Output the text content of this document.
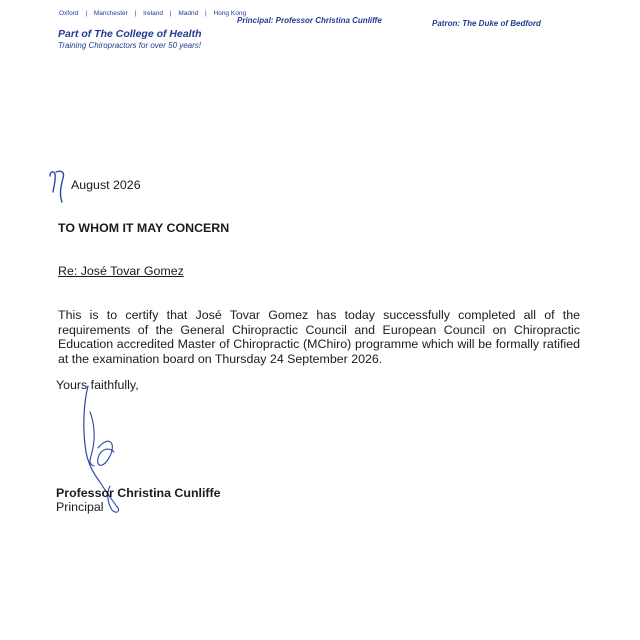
Oxford | Manchester | Ireland | Madrid | Hong Kong
Part of The College of Health
Training Chiropractors for over 50 years!
Principal: Professor Christina Cunliffe	Patron: The Duke of Bedford
August 2026
TO WHOM IT MAY CONCERN
Re: José Tovar Gomez
This is to certify that José Tovar Gomez has today successfully completed all of the requirements of the General Chiropractic Council and European Council on Chiropractic Education accredited Master of Chiropractic (MChiro) programme which will be formally ratified at the examination board on Thursday 24 September 2026.
Yours faithfully,
Professor Christina Cunliffe
Principal
